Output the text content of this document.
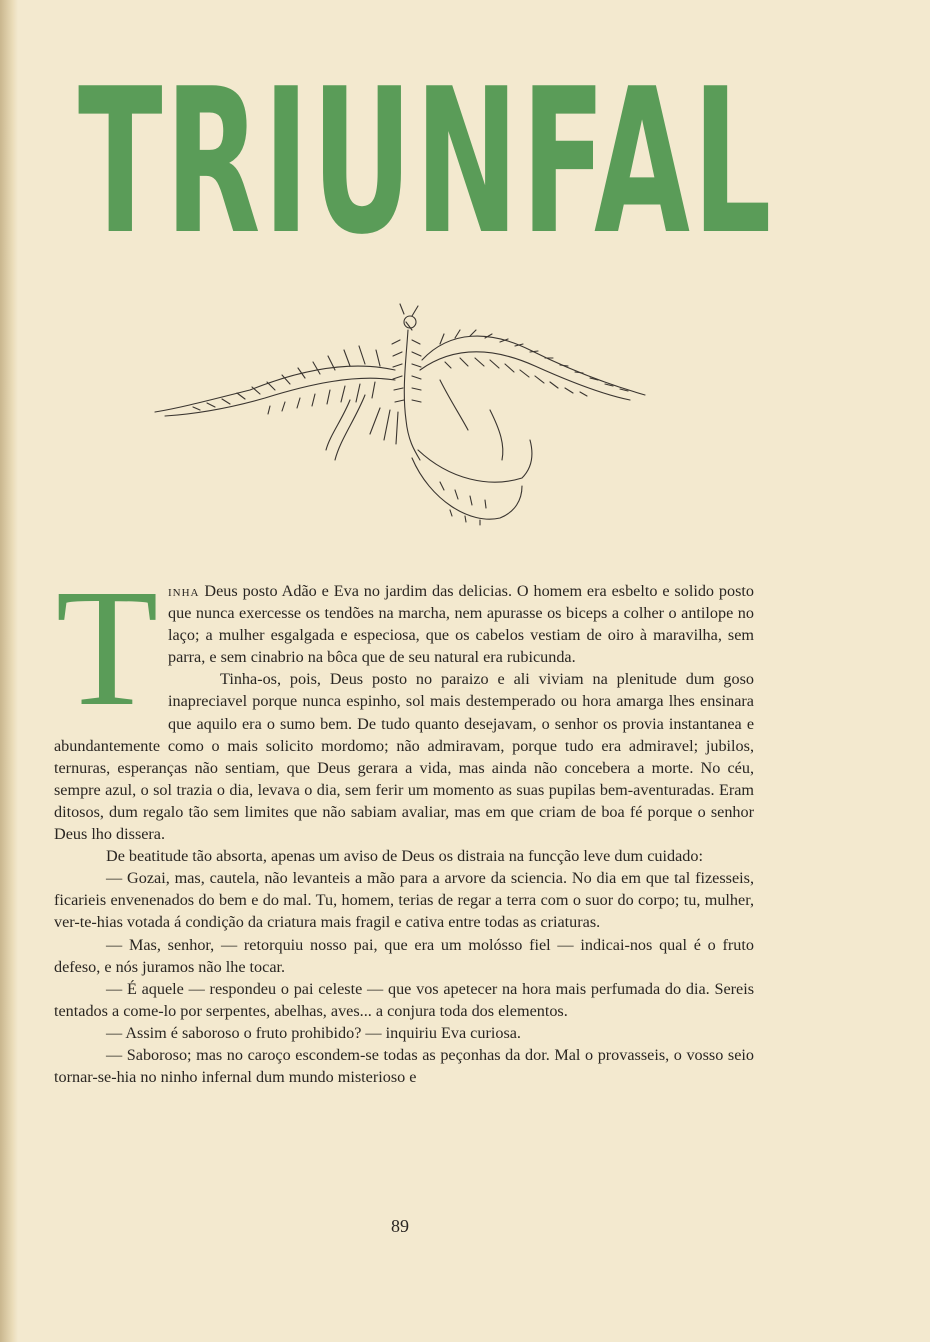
TRIUNFAL

Tinha Deus posto Adão e Eva no jardim das delicias. O homem era esbelto e solido posto que nunca exercesse os tendões na marcha, nem apurasse os biceps a colher o antilope no laço; a mulher esgalgada e especiosa, que os cabelos vestiam de oiro à maravilha, sem parra, e sem cinabrio na bôca que de seu natural era rubicunda.

Tinha-os, pois, Deus posto no paraizo e ali viviam na plenitude dum goso inapreciavel porque nunca espinho, sol mais destemperado ou hora amarga lhes ensinara que aquilo era o sumo bem. De tudo quanto desejavam, o senhor os provia instantanea e abundantemente como o mais solicito mordomo; não admiravam, porque tudo era admiravel; jubilos, ternuras, esperanças não sentiam, que Deus gerara a vida, mas ainda não concebera a morte. No céu, sempre azul, o sol trazia o dia, levava o dia, sem ferir um momento as suas pupilas bem-aventuradas. Eram ditosos, dum regalo tão sem limites que não sabiam avaliar, mas em que criam de boa fé porque o senhor Deus lho dissera.

De beatitude tão absorta, apenas um aviso de Deus os distraia na funcção leve dum cuidado:

— Gozai, mas, cautela, não levanteis a mão para a arvore da sciencia. No dia em que tal fizesseis, ficarieis envenenados do bem e do mal. Tu, homem, terias de regar a terra com o suor do corpo; tu, mulher, ver-te-hias votada á condição da criatura mais fragil e cativa entre todas as criaturas.

— Mas, senhor, — retorquiu nosso pai, que era um molósso fiel — indicai-nos qual é o fruto defeso, e nós juramos não lhe tocar.

— É aquele — respondeu o pai celeste — que vos apetecer na hora mais perfumada do dia. Sereis tentados a come-lo por serpentes, abelhas, aves... a conjura toda dos elementos.

— Assim é saboroso o fruto prohibido? — inquiriu Eva curiosa.

— Saboroso; mas no caroço escondem-se todas as peçonhas da dor. Mal o provasseis, o vosso seio tornar-se-hia no ninho infernal dum mundo misterioso e

89
